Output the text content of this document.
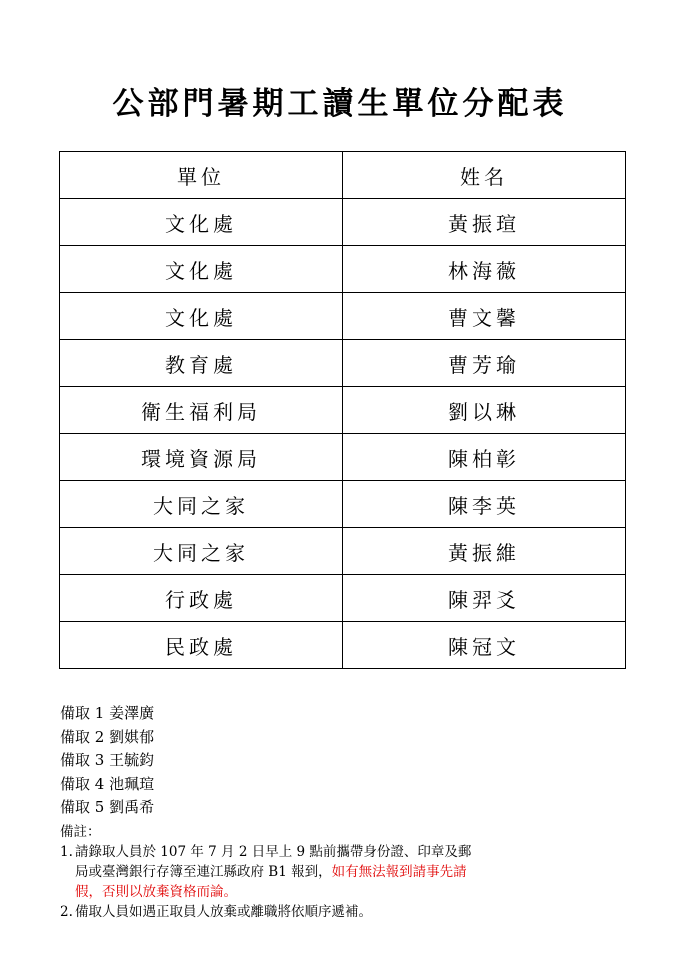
公部門暑期工讀生單位分配表
單位	姓名
文化處	黃振瑄
文化處	林海薇
文化處	曹文馨
教育處	曹芳瑜
衛生福利局	劉以琳
環境資源局	陳柏彰
大同之家	陳李英
大同之家	黃振維
行政處	陳羿爻
民政處	陳冠文
備取 1 姜澤廣
備取 2 劉娸郁
備取 3 王毓鈞
備取 4 池珮瑄
備取 5 劉禹希
備註：
1. 請錄取人員於 107 年 7 月 2 日早上 9 點前攜帶身份證、印章及郵
局或臺灣銀行存簿至連江縣政府 B1 報到，如有無法報到請事先請
假，否則以放棄資格而論。
2. 備取人員如遇正取員人放棄或離職將依順序遞補。
